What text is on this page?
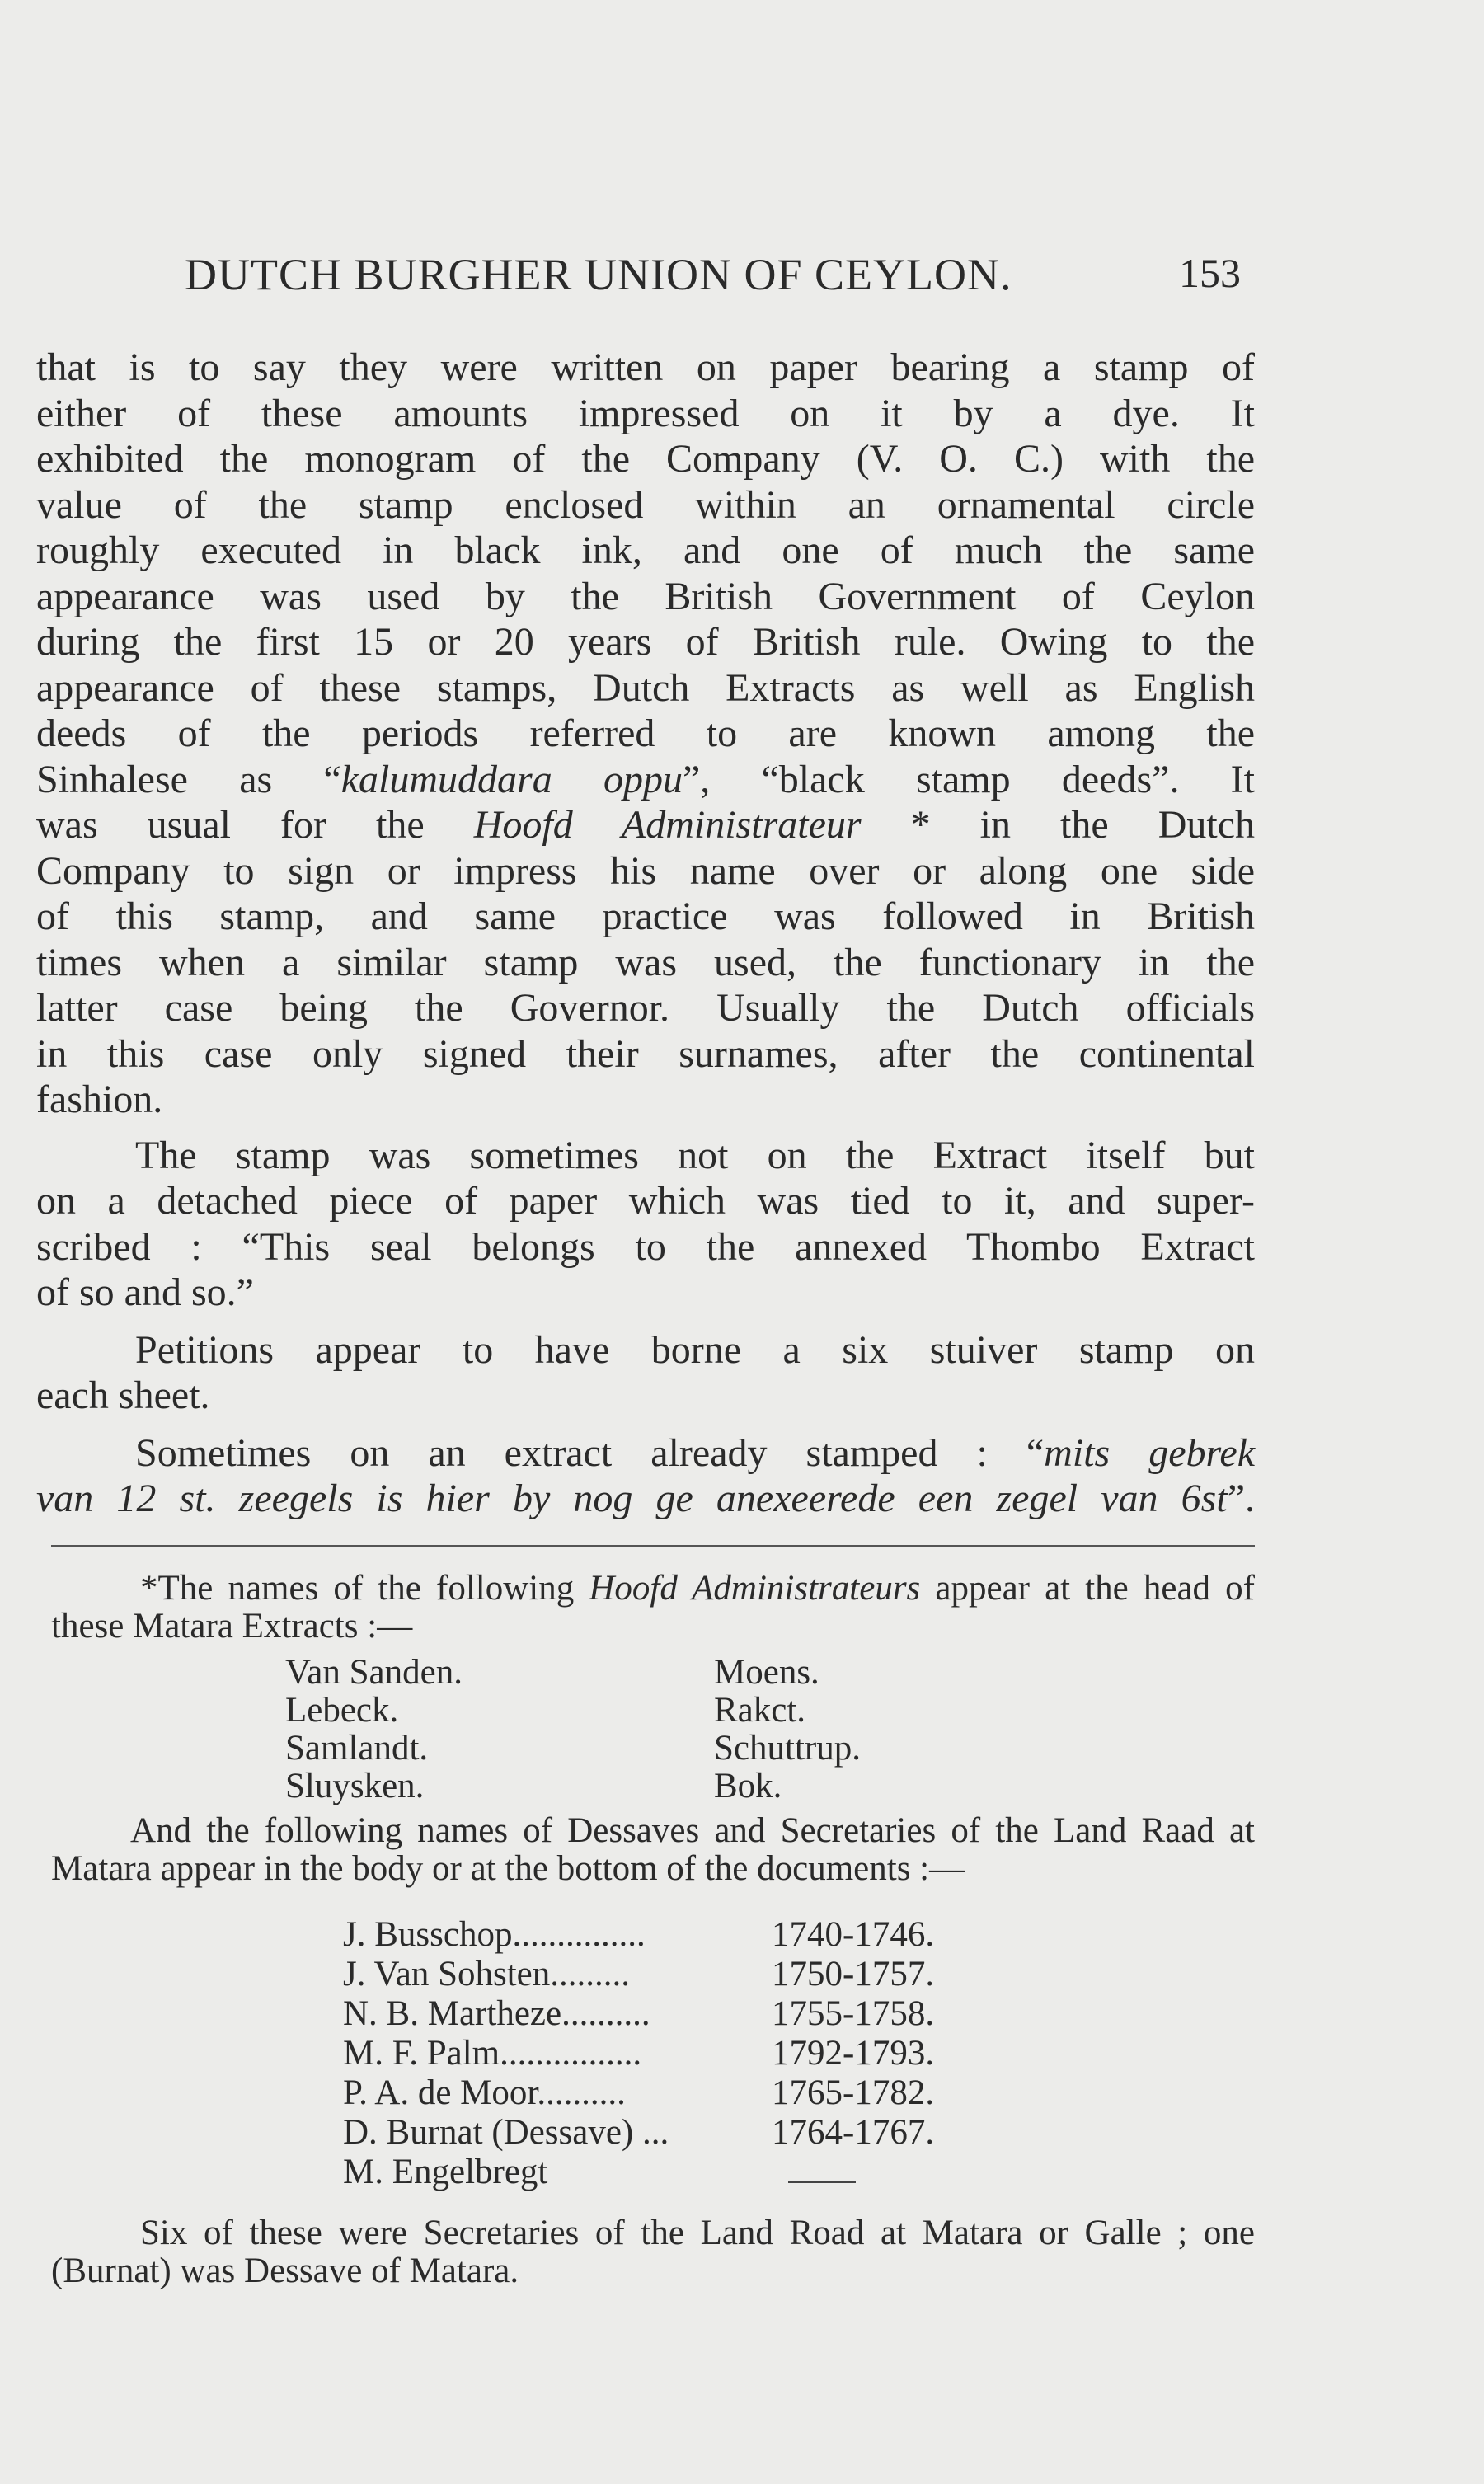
DUTCH BURGHER UNION OF CEYLON.	153

that is to say they were written on paper bearing a stamp of

either of these amounts impressed on it by a dye. It

exhibited the monogram of the Company (V. O. C.) with the

value of the stamp enclosed within an ornamental circle

roughly executed in black ink, and one of much the same

appearance was used by the British Government of Ceylon

during the first 15 or 20 years of British rule. Owing to the

appearance of these stamps, Dutch Extracts as well as English

deeds of the periods referred to are known among the

Sinhalese as “kalumuddara oppu”, “black stamp deeds”. It

was usual for the Hoofd Administrateur * in the Dutch

Company to sign or impress his name over or along one side

of this stamp, and same practice was followed in British

times when a similar stamp was used, the functionary in the

latter case being the Governor. Usually the Dutch officials

in this case only signed their surnames, after the continental

fashion.

The stamp was sometimes not on the Extract itself but

on a detached piece of paper which was tied to it, and super-

scribed : “This seal belongs to the annexed Thombo Extract

of so and so.”

Petitions appear to have borne a six stuiver stamp on

each sheet.

Sometimes on an extract already stamped : “mits gebrek

van 12 st. zeegels is hier by nog ge anexeerede een zegel van 6st”.

*The names of the following Hoofd Administrateurs appear at the head of these Matara Extracts :—

Van Sanden.	Moens.
Lebeck.	Rakct.
Samlandt.	Schuttrup.
Sluysken.	Bok.

And the following names of Dessaves and Secretaries of the Land Raad at Matara appear in the body or at the bottom of the documents :—

J. Busschop...............	1740-1746.
J. Van Sohsten.........	1750-1757.
N. B. Martheze..........	1755-1758.
M. F. Palm................	1792-1793.
P. A. de Moor..........	1765-1782.
D. Burnat (Dessave) ...	1764-1767.
M. Engelbregt

Six of these were Secretaries of the Land Road at Matara or Galle ; one (Burnat) was Dessave of Matara.
